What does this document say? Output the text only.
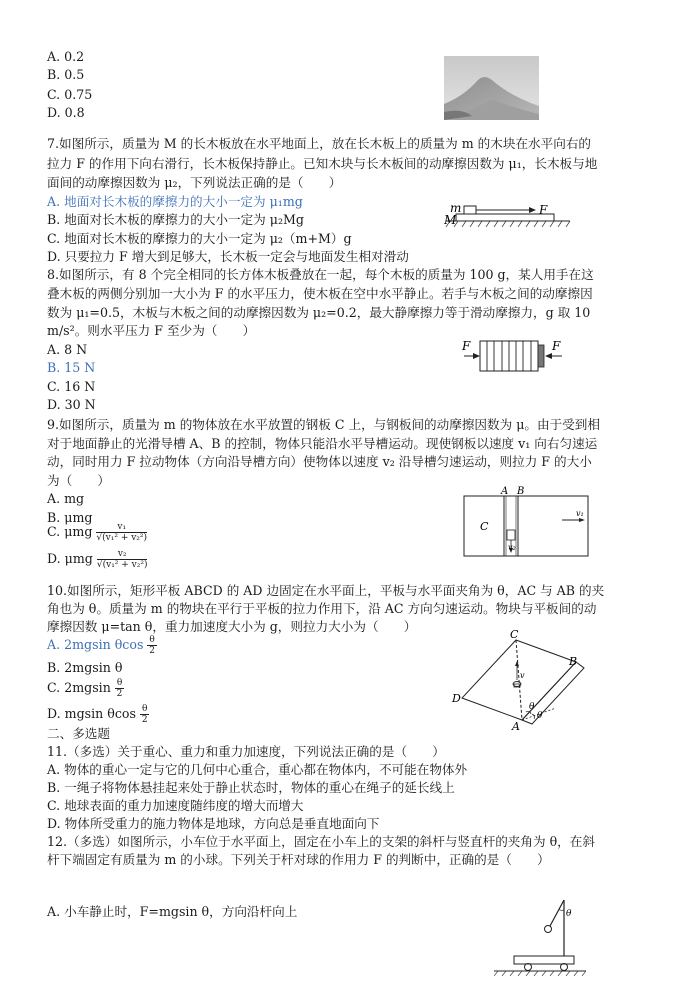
A. 0.2
B. 0.5
C. 0.75
D. 0.8
7.如图所示，质量为 M 的长木板放在水平地面上，放在长木板上的质量为 m 的木块在水平向右的
拉力 F 的作用下向右滑行，长木板保持静止。已知木块与长木板间的动摩擦因数为 μ₁，长木板与地
面间的动摩擦因数为 μ₂，下列说法正确的是（　　）
A. 地面对长木板的摩擦力的大小一定为 μ₁mg
B. 地面对长木板的摩擦力的大小一定为 μ₂Mg
C. 地面对长木板的摩擦力的大小一定为 μ₂（m+M）g
D. 只要拉力 F 增大到足够大，长木板一定会与地面发生相对滑动
m
M
F
8.如图所示，有 8 个完全相同的长方体木板叠放在一起，每个木板的质量为 100 g，某人用手在这
叠木板的两侧分别加一大小为 F 的水平压力，使木板在空中水平静止。若手与木板之间的动摩擦因
数为 μ₁=0.5，木板与木板之间的动摩擦因数为 μ₂=0.2，最大静摩擦力等于滑动摩擦力，g 取 10
m/s²。则水平压力 F 至少为（　　）
A. 8 N
B. 15 N
C. 16 N
D. 30 N
F	F
9.如图所示，质量为 m 的物体放在水平放置的钢板 C 上，与钢板间的动摩擦因数为 μ。由于受到相
对于地面静止的光滑导槽 A、B 的控制，物体只能沿水平导槽运动。现使钢板以速度 v₁ 向右匀速运
动，同时用力 F 拉动物体（方向沿导槽方向）使物体以速度 v₂ 沿导槽匀速运动，则拉力 F 的大小
为（　　）
A. mg
B. μmg
C. μmg $\frac{\text{v₁}}{\text{√(v₁² + v₂²)}}$
D. μmg $\frac{\text{v₂}}{\text{√(v₁² + v₂²)}}$
A B
C
v₁
v₂
10.如图所示，矩形平板 ABCD 的 AD 边固定在水平面上，平板与水平面夹角为 θ，AC 与 AB 的夹
角也为 θ。质量为 m 的物块在平行于平板的拉力作用下，沿 AC 方向匀速运动。物块与平板间的动
摩擦因数 μ=tan θ，重力加速度大小为 g，则拉力大小为（　　）
A. 2mgsin θcos $\frac{\theta}{2}$
B. 2mgsin θ
C. $2mgsin \frac{\theta}{2}$
D. mgsin θcos $\frac{\theta}{2}$
C
B
D
A
v
θ
θ
二、多选题
11.（多选）关于重心、重力和重力加速度，下列说法正确的是（　　）
A. 物体的重心一定与它的几何中心重合，重心都在物体内，不可能在物体外
B. 一绳子将物体悬挂起来处于静止状态时，物体的重心在绳子的延长线上
C. 地球表面的重力加速度随纬度的增大而增大
D. 物体所受重力的施力物体是地球，方向总是垂直地面向下
12.（多选）如图所示，小车位于水平面上，固定在小车上的支架的斜杆与竖直杆的夹角为 θ，在斜
杆下端固定有质量为 m 的小球。下列关于杆对球的作用力 F 的判断中，正确的是（　　）
A. 小车静止时，F=mgsin θ，方向沿杆向上	θ
